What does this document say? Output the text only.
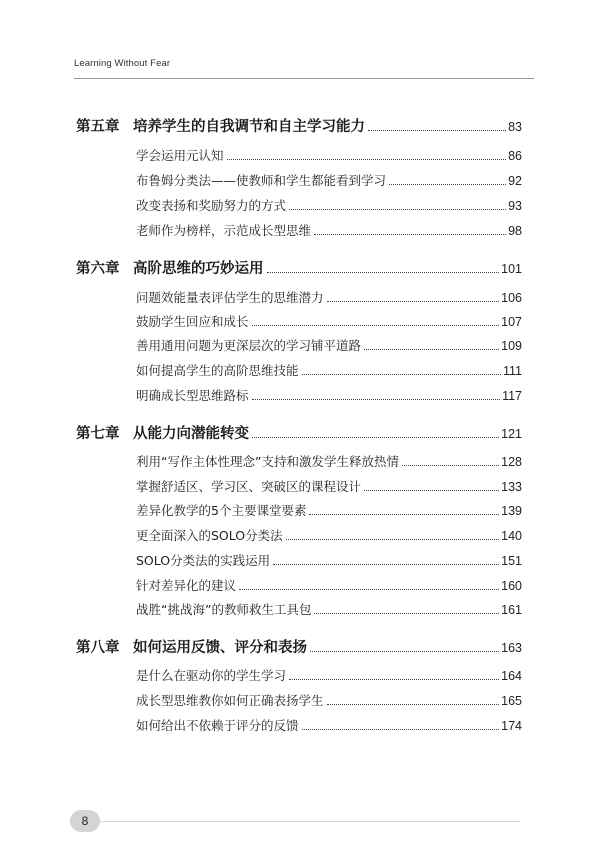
Learning Without Fear
第五章 培养学生的自我调节和自主学习能力	83
学会运用元认知	86
布鲁姆分类法——使教师和学生都能看到学习	92
改变表扬和奖励努力的方式	93
老师作为榜样，示范成长型思维	98
第六章 高阶思维的巧妙运用	101
问题效能量表评估学生的思维潜力	106
鼓励学生回应和成长	107
善用通用问题为更深层次的学习铺平道路	109
如何提高学生的高阶思维技能	111
明确成长型思维路标	117
第七章 从能力向潜能转变	121
利用“写作主体性理念”支持和激发学生释放热情	128
掌握舒适区、学习区、突破区的课程设计	133
差异化教学的5个主要课堂要素	139
更全面深入的SOLO分类法	140
SOLO分类法的实践运用	151
针对差异化的建议	160
战胜“挑战海”的教师救生工具包	161
第八章 如何运用反馈、评分和表扬	163
是什么在驱动你的学生学习	164
成长型思维教你如何正确表扬学生	165
如何给出不依赖于评分的反馈	174
8
